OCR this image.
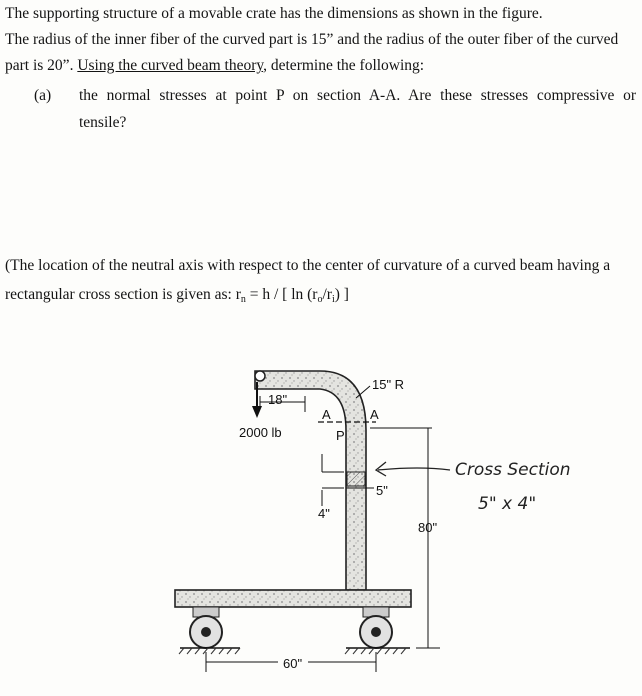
The supporting structure of a movable crate has the dimensions as shown in the figure.
The radius of the inner fiber of the curved part is 15” and the radius of the outer fiber of the curved
part is 20”. Using the curved beam theory, determine the following:
(a) the normal stresses at point P on section A-A. Are these stresses compressive or
tensile?
(The location of the neutral axis with respect to the center of curvature of a curved beam having a
rectangular cross section is given as: $r_n = h$ / [ $\ln (r_o/r_i)$ ]
2000 lb
18"
A	A
P
15" R
5"
4"
80"
Cross Section
5" x 4"
60"
